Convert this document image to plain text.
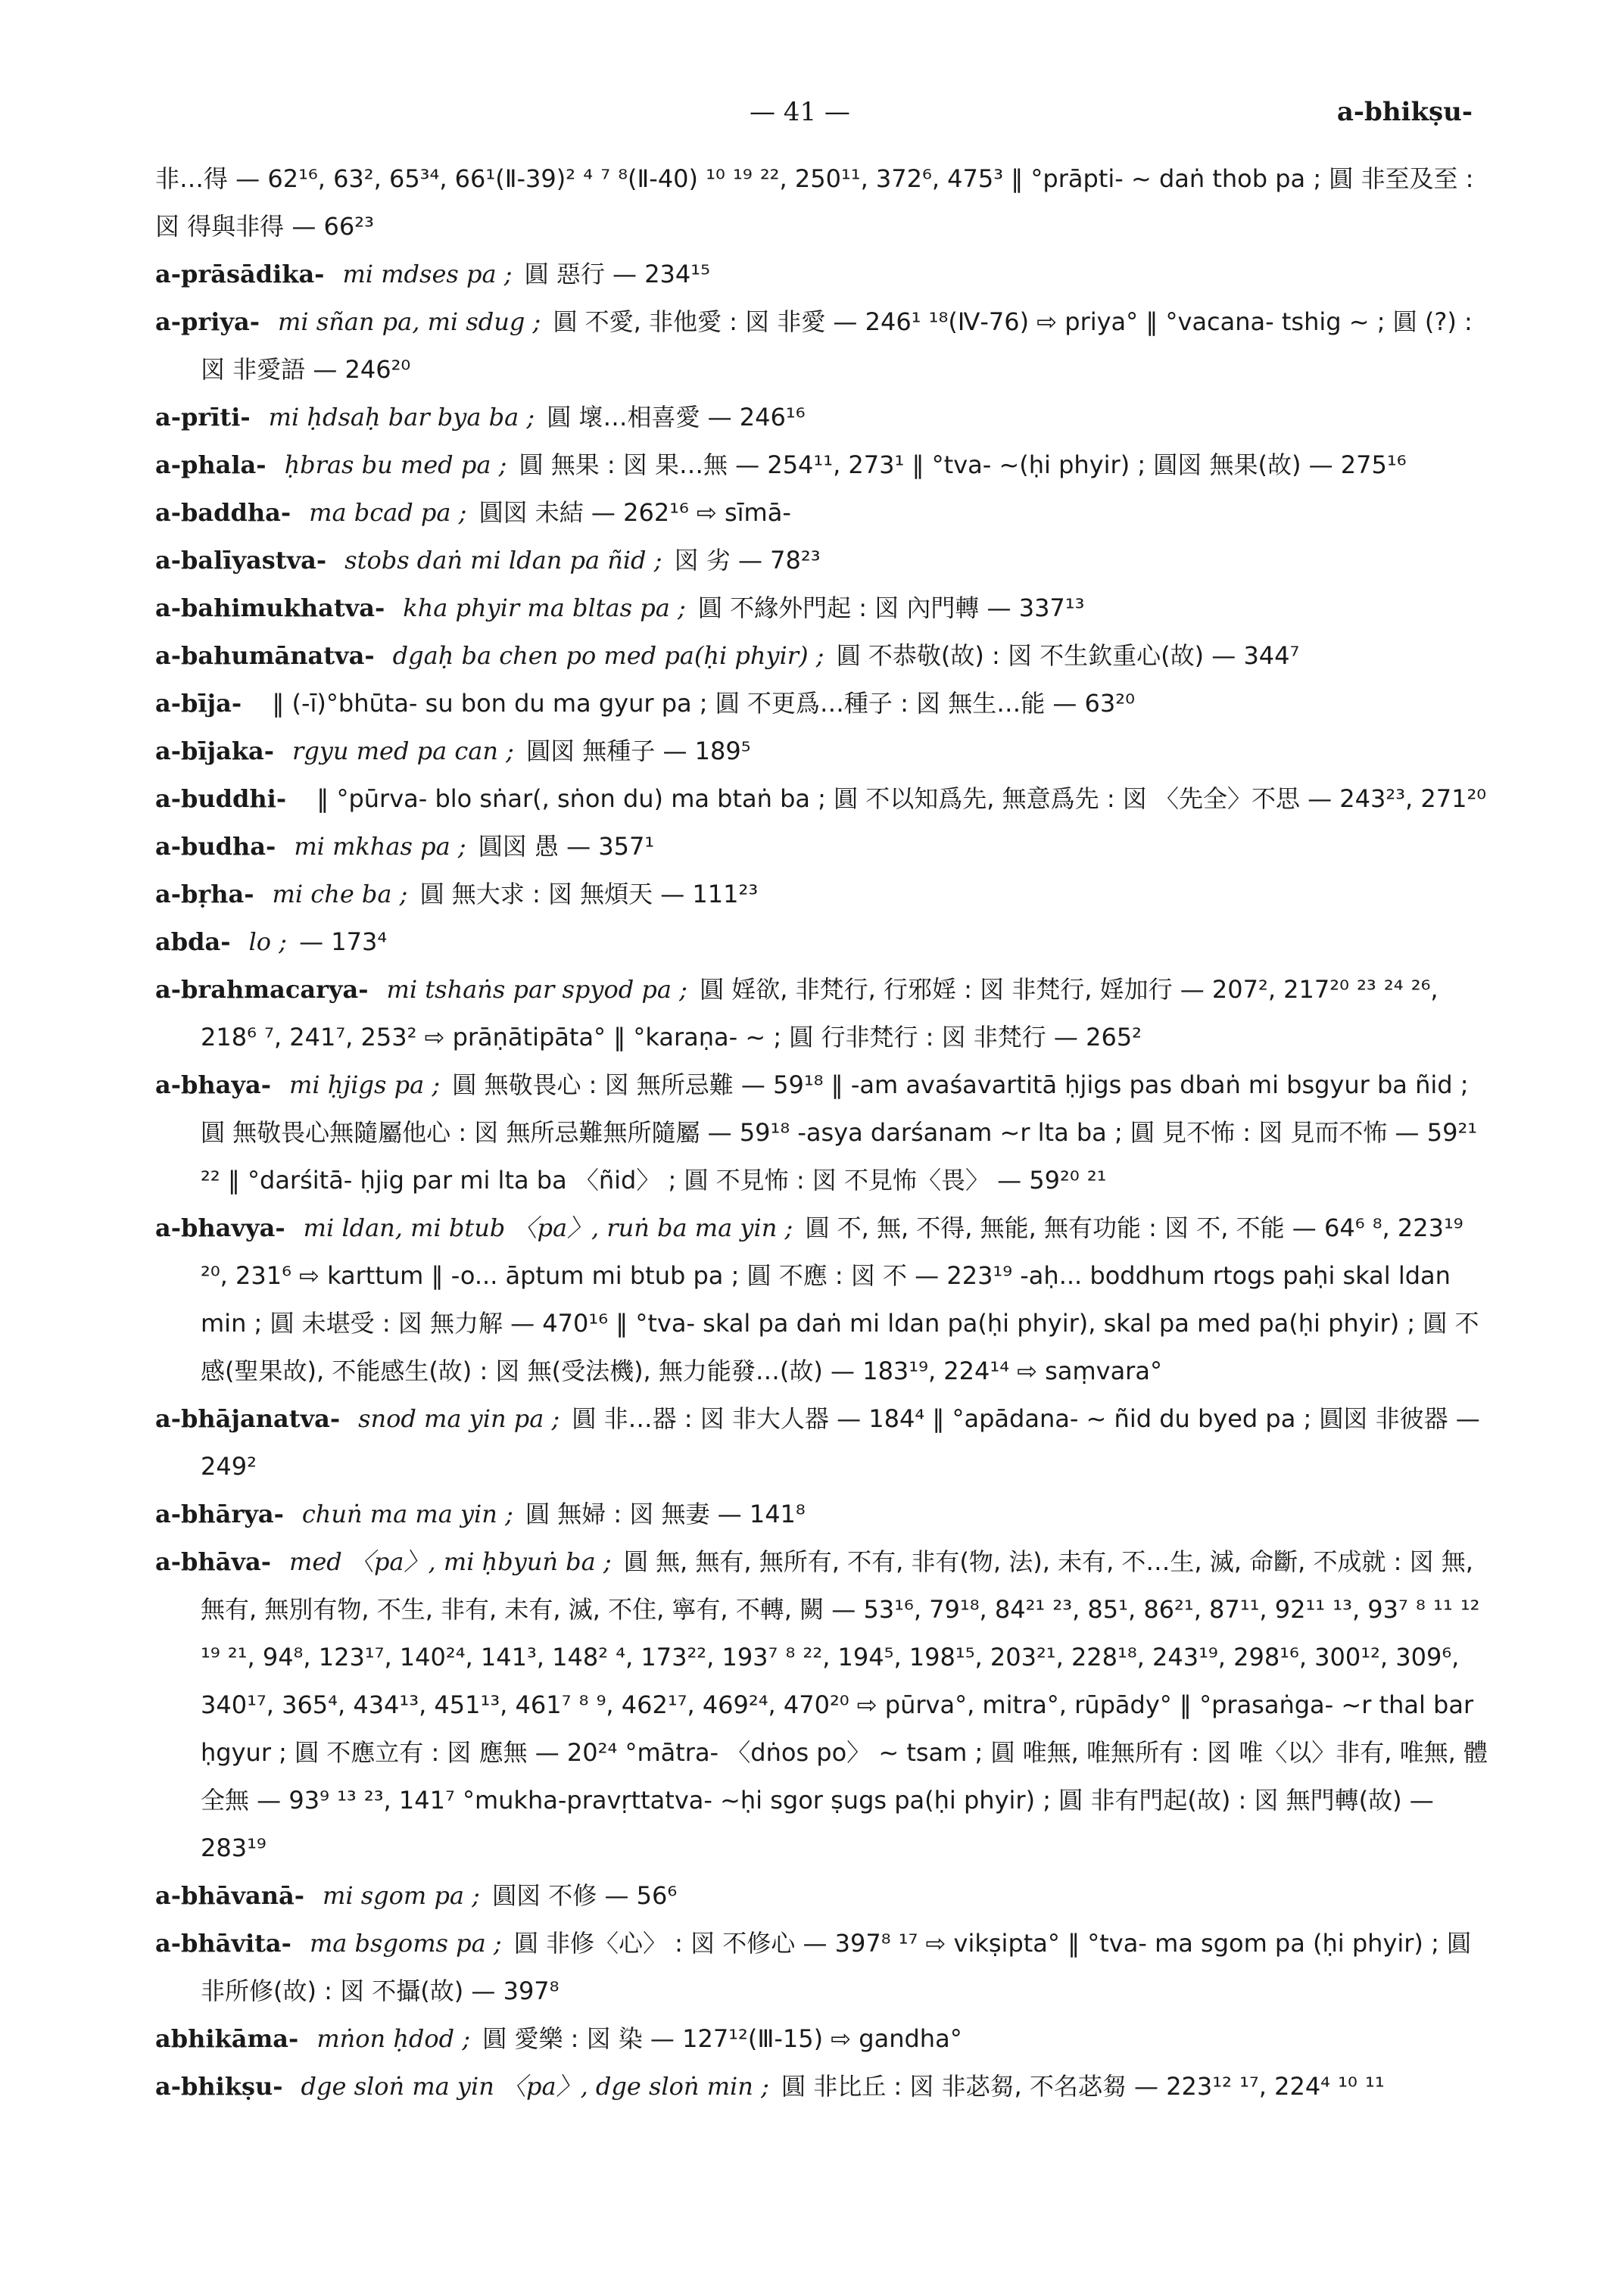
— 41 —	a-bhikṣu-
非…得 — 62¹⁶, 63², 65³⁴, 66¹(Ⅱ-39)² ⁴ ⁷ ⁸(Ⅱ-40) ¹⁰ ¹⁹ ²², 250¹¹, 372⁶, 475³ ‖ °prāpti- ~ daṅ thob pa ; 圓 非至及至 : 図 得與非得 — 66²³
a-prāsādika- mi mdses pa ; 圓 惡行 — 234¹⁵
a-priya- mi sñan pa, mi sdug ; 圓 不愛, 非他愛 : 図 非愛 — 246¹ ¹⁸(Ⅳ-76) ⇨ priya° ‖ °vacana- tshig ~ ; 圓 (?) : 図 非愛語 — 246²⁰
a-prīti- mi ḥdsaḥ bar bya ba ; 圓 壞…相喜愛 — 246¹⁶
a-phala- ḥbras bu med pa ; 圓 無果 : 図 果…無 — 254¹¹, 273¹ ‖ °tva- ~(ḥi phyir) ; 圓図 無果(故) — 275¹⁶
a-baddha- ma bcad pa ; 圓図 未結 — 262¹⁶ ⇨ sīmā-
a-balīyastva- stobs daṅ mi ldan pa ñid ; 図 劣 — 78²³
a-bahimukhatva- kha phyir ma bltas pa ; 圓 不緣外門起 : 図 內門轉 — 337¹³
a-bahumānatva- dgaḥ ba chen po med pa(ḥi phyir) ; 圓 不恭敬(故) : 図 不生欽重心(故) — 344⁷
a-bīja- ‖ (-ī)°bhūta- su bon du ma gyur pa ; 圓 不更爲…種子 : 図 無生…能 — 63²⁰
a-bījaka- rgyu med pa can ; 圓図 無種子 — 189⁵
a-buddhi- ‖ °pūrva- blo sṅar(, sṅon du) ma btaṅ ba ; 圓 不以知爲先, 無意爲先 : 図 〈先全〉不思 — 243²³, 271²⁰
a-budha- mi mkhas pa ; 圓図 愚 — 357¹
a-bṛha- mi che ba ; 圓 無大求 : 図 無煩天 — 111²³
abda- lo ; — 173⁴
a-brahmacarya- mi tshaṅs par spyod pa ; 圓 婬欲, 非梵行, 行邪婬 : 図 非梵行, 婬加行 — 207², 217²⁰ ²³ ²⁴ ²⁶, 218⁶ ⁷, 241⁷, 253² ⇨ prāṇātipāta° ‖ °karaṇa- ~ ; 圓 行非梵行 : 図 非梵行 — 265²
a-bhaya- mi ḥjigs pa ; 圓 無敬畏心 : 図 無所忌難 — 59¹⁸ ‖ -am avaśavartitā ḥjigs pas dbaṅ mi bsgyur ba ñid ; 圓 無敬畏心無隨屬他心 : 図 無所忌難無所隨屬 — 59¹⁸ -asya darśanam ~r lta ba ; 圓 見不怖 : 図 見而不怖 — 59²¹ ²² ‖ °darśitā- ḥjig par mi lta ba 〈ñid〉 ; 圓 不見怖 : 図 不見怖〈畏〉 — 59²⁰ ²¹
a-bhavya- mi ldan, mi btub 〈pa〉, ruṅ ba ma yin ; 圓 不, 無, 不得, 無能, 無有功能 : 図 不, 不能 — 64⁶ ⁸, 223¹⁹ ²⁰, 231⁶ ⇨ karttum ‖ -o... āptum mi btub pa ; 圓 不應 : 図 不 — 223¹⁹ -aḥ... boddhum rtogs paḥi skal ldan min ; 圓 未堪受 : 図 無力解 — 470¹⁶ ‖ °tva- skal pa daṅ mi ldan pa(ḥi phyir), skal pa med pa(ḥi phyir) ; 圓 不感(聖果故), 不能感生(故) : 図 無(受法機), 無力能發…(故) — 183¹⁹, 224¹⁴ ⇨ saṃvara°
a-bhājanatva- snod ma yin pa ; 圓 非…器 : 図 非大人器 — 184⁴ ‖ °apādana- ~ ñid du byed pa ; 圓図 非彼器 — 249²
a-bhārya- chuṅ ma ma yin ; 圓 無婦 : 図 無妻 — 141⁸
a-bhāva- med 〈pa〉, mi ḥbyuṅ ba ; 圓 無, 無有, 無所有, 不有, 非有(物, 法), 未有, 不…生, 滅, 命斷, 不成就 : 図 無, 無有, 無別有物, 不生, 非有, 未有, 滅, 不住, 寧有, 不轉, 闕 — 53¹⁶, 79¹⁸, 84²¹ ²³, 85¹, 86²¹, 87¹¹, 92¹¹ ¹³, 93⁷ ⁸ ¹¹ ¹² ¹⁹ ²¹, 94⁸, 123¹⁷, 140²⁴, 141³, 148² ⁴, 173²², 193⁷ ⁸ ²², 194⁵, 198¹⁵, 203²¹, 228¹⁸, 243¹⁹, 298¹⁶, 300¹², 309⁶, 340¹⁷, 365⁴, 434¹³, 451¹³, 461⁷ ⁸ ⁹, 462¹⁷, 469²⁴, 470²⁰ ⇨ pūrva°, mitra°, rūpādy° ‖ °prasaṅga- ~r thal bar ḥgyur ; 圓 不應立有 : 図 應無 — 20²⁴ °mātra- 〈dṅos po〉 ~ tsam ; 圓 唯無, 唯無所有 : 図 唯〈以〉非有, 唯無, 體全無 — 93⁹ ¹³ ²³, 141⁷ °mukha-pravṛttatva- ~ḥi sgor ṣugs pa(ḥi phyir) ; 圓 非有門起(故) : 図 無門轉(故) — 283¹⁹
a-bhāvanā- mi sgom pa ; 圓図 不修 — 56⁶
a-bhāvita- ma bsgoms pa ; 圓 非修〈心〉 : 図 不修心 — 397⁸ ¹⁷ ⇨ vikṣipta° ‖ °tva- ma sgom pa (ḥi phyir) ; 圓 非所修(故) : 図 不攝(故) — 397⁸
abhikāma- mṅon ḥdod ; 圓 愛樂 : 図 染 — 127¹²(Ⅲ-15) ⇨ gandha°
a-bhikṣu- dge sloṅ ma yin 〈pa〉, dge sloṅ min ; 圓 非比丘 : 図 非苾芻, 不名苾芻 — 223¹² ¹⁷, 224⁴ ¹⁰ ¹¹
